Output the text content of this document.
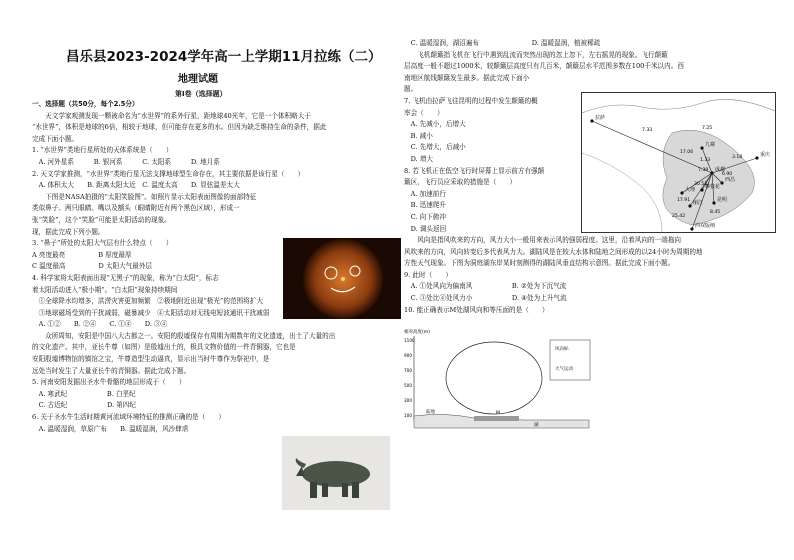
昌乐县2023-2024学年高一上学期11月拉练（二）
地理试题
第Ⅰ卷（选择题）
一、选择题（共50分，每个2.5分）
　　天文学家观测发现一颗被命名为“水世界”的系外行星，距地球40光年，它是一个体积略大于
“水世界”，体积是地球的6倍，相较于地球，但可能存在更多的水。但因为缺乏维持生命的条件，据此
完成下面小题。
1. “水世界”类地行星所处的天体系统是（　　）
　A. 河外星系　　　B. 银河系　　　C. 太阳系　　　D. 地月系
2. 天文学家推测，“水世界”类地行星无法支撑地球型生命存在，其主要依据是该行星（　　）
　A. 体积太大　　B. 距离太阳太近　C. 温度太高　　D. 显弦温差太大
　　下图是NASA拍摄的“太阳笑脸图”。如照片显示太阳表面图像的面部特征
类似鼻子、两只眼睛、嘴以及额头（眼睛附近有两个黑色区域），形成一
张“笑脸”，这个“笑脸”可能是太阳活动的现象。
现，据此完成下列小题。
3. “鼻子”所处的太阳大气层有什么特点（　　）
A 亮度最亮　　　　　B 厚度最厚
C 温度最高　　　　　D 太阳大气最外层
4. 科学家将太阳表面出现“无黑子”的现象，称为“白太阳”，标志
着太阳活动进入“极小期”。“白太阳”现象持续期间
　①全球降水均增多，洪涝灾害更加频繁　②极地附近出现“极光”的范围将扩大
　③地球磁场受到的干扰减弱，磁暴减少　④太阳活动对无线电短波通讯干扰减弱
　A. ①②　　B. ②④　　C. ①④　　D. ③④
　　众所周知，安阳是中国八大古都之一。安阳的殷墟保存有周期为期数年的文化遗迹，出土了大量的出
的文化遗产。其中，亚长牛尊（如图）是殷墟出土的，极具文物价值的一件青铜器，它也是
安阳殷墟博物馆的镇馆之宝，牛尊造型生动逼真，显示出当时牛尊作为祭祀中，是
远处当时发生了大量亚长牛的青铜器。据此完成下题。
5. 河南安阳发掘出圣水牛骨骼的地层形成于（　　）
　A. 寒武纪　　　　　　B. 白垩纪
　C. 古近纪　　　　　　D. 第四纪
6. 关于圣水牛生活时期黄河流域环境特征的推测正确的是（　　）
　A. 温暖湿润，草原广布　　B. 温暖湿润，风沙肆虐
　C. 温暖湿润，湖沼遍布　　　　　　　　D. 温暖湿润，植被稀疏
　　飞机颠簸指飞机在飞行中遇到乱流而突然出现的忽上忽下，左右摇晃的现象。飞行颠簸
层高度一般不超过1000米，较颠簸层高度只有几百米，颠簸层水平范围多数在100千米以内。西
南地区航线颠簸发生最多。据此完成下面小
题。
7. 飞机由拉萨飞往昆明的过程中发生颠簸的概
率会（　　）
　A. 先减小，后增大
　B. 减小
　C. 先增大，后减小
　D. 增大
8. 若飞机正在低空飞行时屏幕上显示前方有强颠
簸区，飞行员应采取的措施是（　　）
　A. 加速前行
　B. 迅速爬升
　C. 向下俯冲
　D. 调头返回
　　风向是指风吹来的方向，风力大小一般用来表示风的强弱程度。这里，沿着风向的一端拖向
风吹来的方向，风向转变后多代表风力大。湖陆风是在较大水体和陆地之间形成的以24小时为周期的地
方性天气现象。下图为洞庭湖东岸某时刻测得的湖陆风垂直结构示意图。据此完成下面小题。
9. 此时（　　）
　A. ①处风向为偏南风　　　　　　B. ②处为下沉气流
　C. ③处比④处风力小　　　　　　D. ④处为上升气流
10. 能正确表示M处湖风向和等压面的是（　　）
拉萨
九寨
成都
重庆
丽江
大理 攀枝花
西昌
昆明
西双版纳
7.33	7.25
17.06
3.18
7.39
6.90
17.91
30.51
8.45
25.42
1.33
相对高度(m)
1100
900
700
500
300
100
陆地
湖
M
风向标
大气运动
